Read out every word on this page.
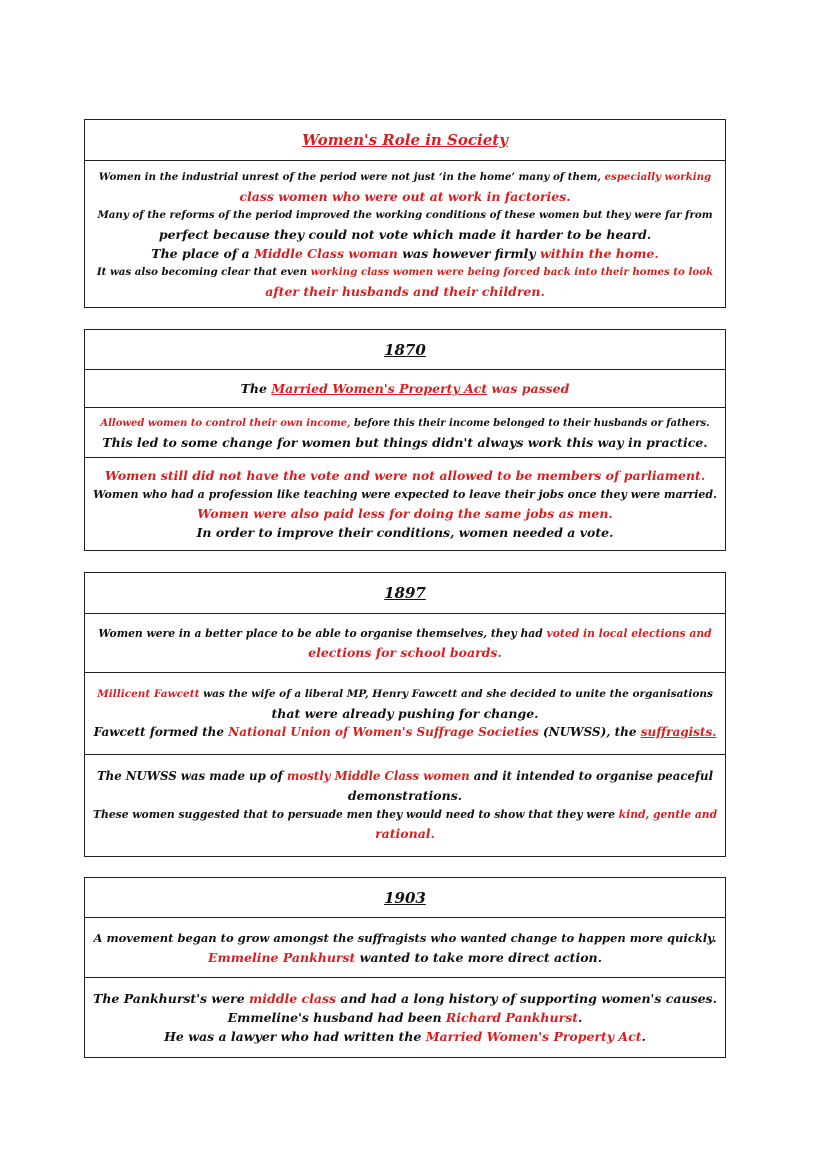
Women's Role in Society
Women in the industrial unrest of the period were not just ‘in the home’ many of them, especially working
class women who were out at work in factories.
Many of the reforms of the period improved the working conditions of these women but they were far from
perfect because they could not vote which made it harder to be heard.
The place of a Middle Class woman was however firmly within the home.
It was also becoming clear that even working class women were being forced back into their homes to look
after their husbands and their children.
1870
The Married Women's Property Act was passed
Allowed women to control their own income, before this their income belonged to their husbands or fathers.
This led to some change for women but things didn't always work this way in practice.
Women still did not have the vote and were not allowed to be members of parliament.
Women who had a profession like teaching were expected to leave their jobs once they were married.
Women were also paid less for doing the same jobs as men.
In order to improve their conditions, women needed a vote.
1897
Women were in a better place to be able to organise themselves, they had voted in local elections and
elections for school boards.
Millicent Fawcett was the wife of a liberal MP, Henry Fawcett and she decided to unite the organisations
that were already pushing for change.
Fawcett formed the National Union of Women's Suffrage Societies (NUWSS), the suffragists.
The NUWSS was made up of mostly Middle Class women and it intended to organise peaceful
demonstrations.
These women suggested that to persuade men they would need to show that they were kind, gentle and
rational.
1903
A movement began to grow amongst the suffragists who wanted change to happen more quickly.
Emmeline Pankhurst wanted to take more direct action.
The Pankhurst's were middle class and had a long history of supporting women's causes.
Emmeline's husband had been Richard Pankhurst.
He was a lawyer who had written the Married Women's Property Act.
